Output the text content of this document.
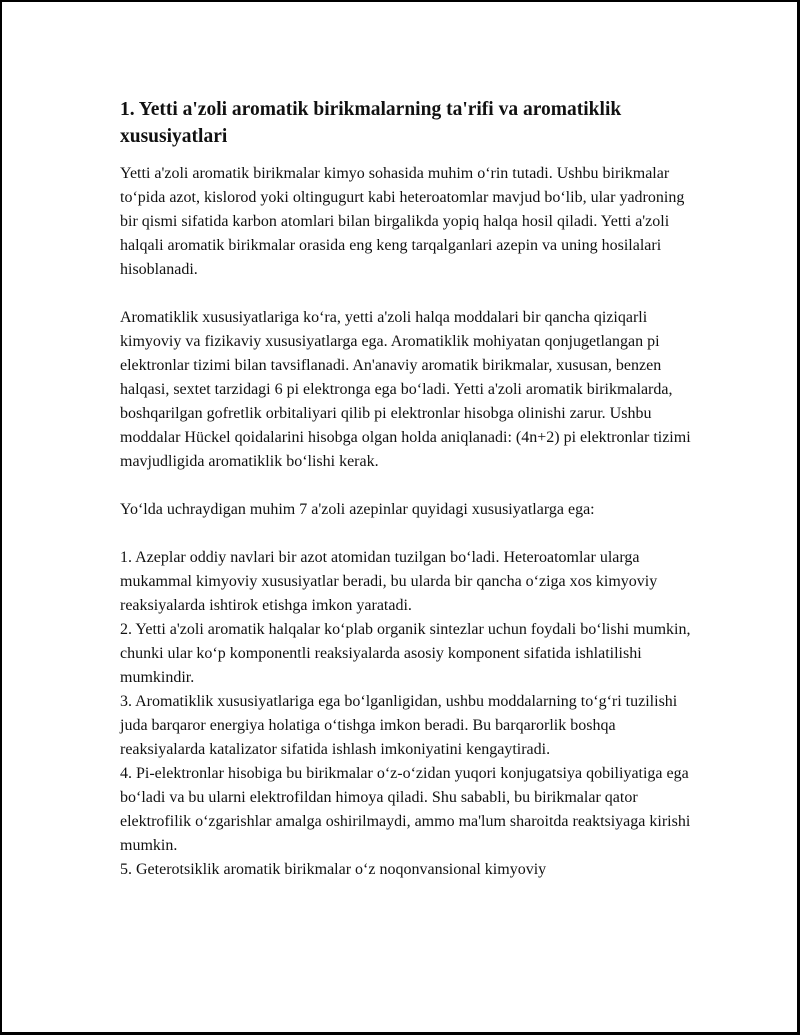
1. Yetti a'zoli aromatik birikmalarning ta'rifi va aromatiklik xususiyatlari

Yetti a'zoli aromatik birikmalar kimyo sohasida muhim o‘rin tutadi. Ushbu birikmalar to‘pida azot, kislorod yoki oltingugurt kabi heteroatomlar mavjud bo‘lib, ular yadroning bir qismi sifatida karbon atomlari bilan birgalikda yopiq halqa hosil qiladi. Yetti a'zoli halqali aromatik birikmalar orasida eng keng tarqalganlari azepin va uning hosilalari hisoblanadi.

Aromatiklik xususiyatlariga ko‘ra, yetti a'zoli halqa moddalari bir qancha qiziqarli kimyoviy va fizikaviy xususiyatlarga ega. Aromatiklik mohiyatan qonjugetlangan pi elektronlar tizimi bilan tavsiflanadi. An'anaviy aromatik birikmalar, xususan, benzen halqasi, sextet tarzidagi 6 pi elektronga ega bo‘ladi. Yetti a'zoli aromatik birikmalarda, boshqarilgan gofretlik orbitaliyari qilib pi elektronlar hisobga olinishi zarur. Ushbu moddalar Hückel qoidalarini hisobga olgan holda aniqlanadi: (4n+2) pi elektronlar tizimi mavjudligida aromatiklik bo‘lishi kerak.

Yo‘lda uchraydigan muhim 7 a'zoli azepinlar quyidagi xususiyatlarga ega:

1. Azeplar oddiy navlari bir azot atomidan tuzilgan bo‘ladi. Heteroatomlar ularga mukammal kimyoviy xususiyatlar beradi, bu ularda bir qancha o‘ziga xos kimyoviy reaksiyalarda ishtirok etishga imkon yaratadi.
2. Yetti a'zoli aromatik halqalar ko‘plab organik sintezlar uchun foydali bo‘lishi mumkin, chunki ular ko‘p komponentli reaksiyalarda asosiy komponent sifatida ishlatilishi mumkindir.
3. Aromatiklik xususiyatlariga ega bo‘lganligidan, ushbu moddalarning to‘g‘ri tuzilishi juda barqaror energiya holatiga o‘tishga imkon beradi. Bu barqarorlik boshqa reaksiyalarda katalizator sifatida ishlash imkoniyatini kengaytiradi.
4. Pi-elektronlar hisobiga bu birikmalar o‘z-o‘zidan yuqori konjugatsiya qobiliyatiga ega bo‘ladi va bu ularni elektrofildan himoya qiladi. Shu sababli, bu birikmalar qator elektrofilik o‘zgarishlar amalga oshirilmaydi, ammo ma'lum sharoitda reaktsiyaga kirishi mumkin.
5. Geterotsiklik aromatik birikmalar o‘z noqonvansional kimyoviy
